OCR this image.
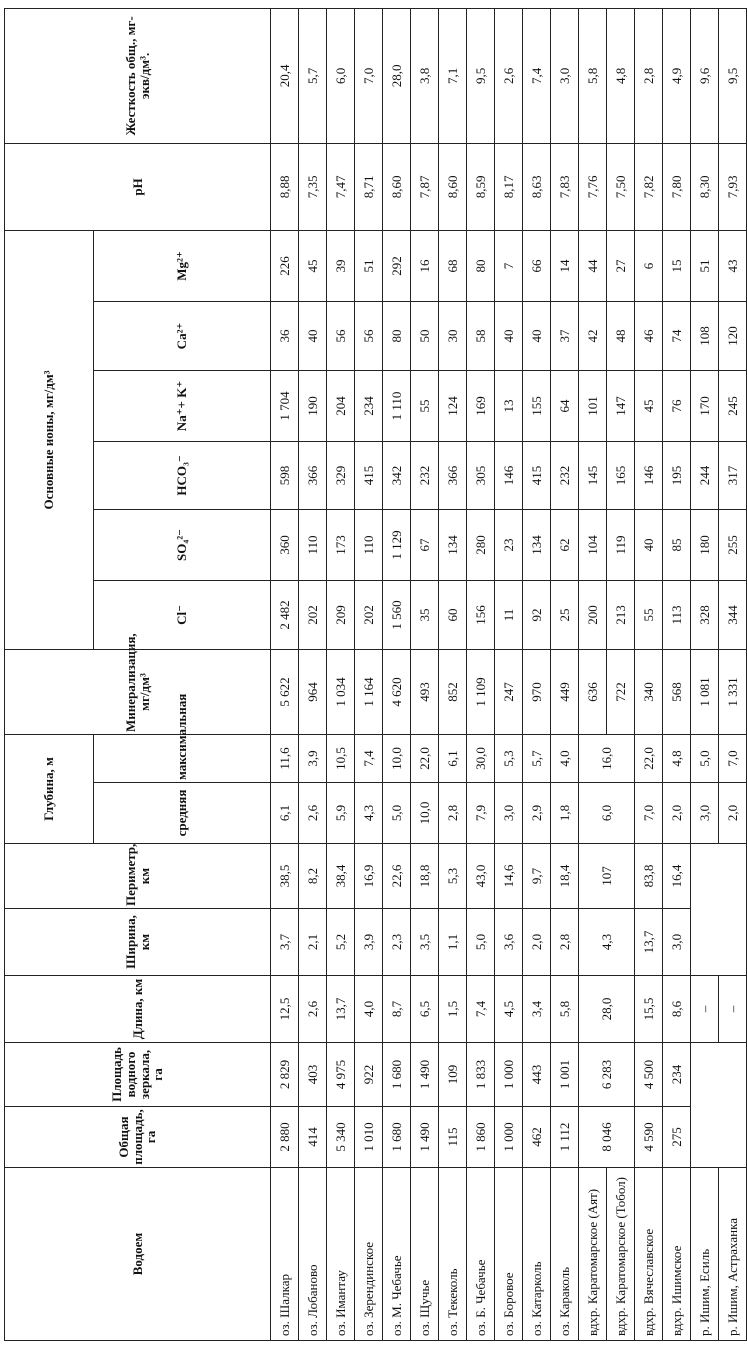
Водоем	Общая площадь, га	Площадь водного зеркала, га	Длина, км	Ширина, км	Периметр, км	Глубина, м		Минерализация, мг/дм³	Основные ионы, мг/дм³						pH	Жесткость общ., мг-экв/дм³.
						средняя	максимальная		Cl⁻	SO₄²⁻	HCO₃⁻	Na⁺+ K⁺	Ca²⁺	Mg²⁺		
оз. Шалкар	2 880	2 829	12,5	3,7	38,5	6,1	11,6	5 622	2 482	360	598	1 704	36	226	8,88	20,4
оз. Лобаново	414	403	2,6	2,1	8,2	2,6	3,9	964	202	110	366	190	40	45	7,35	5,7
оз. Имантау	5 340	4 975	13,7	5,2	38,4	5,9	10,5	1 034	209	173	329	204	56	39	7,47	6,0
оз. Зерендинское	1 010	922	4,0	3,9	16,9	4,3	7,4	1 164	202	110	415	234	56	51	8,71	7,0
оз. М. Чебачье	1 680	1 680	8,7	2,3	22,6	5,0	10,0	4 620	1 560	1 129	342	1 110	80	292	8,60	28,0
оз. Щучье	1 490	1 490	6,5	3,5	18,8	10,0	22,0	493	35	67	232	55	50	16	7,87	3,8
оз. Текеколь	115	109	1,5	1,1	5,3	2,8	6,1	852	60	134	366	124	30	68	8,60	7,1
оз. Б. Чебачье	1 860	1 833	7,4	5,0	43,0	7,9	30,0	1 109	156	280	305	169	58	80	8,59	9,5
оз. Боровое	1 000	1 000	4,5	3,6	14,6	3,0	5,3	247	11	23	146	13	40	7	8,17	2,6
оз. Катарколь	462	443	3,4	2,0	9,7	2,9	5,7	970	92	134	415	155	40	66	8,63	7,4
оз. Караколь	1 112	1 001	5,8	2,8	18,4	1,8	4,0	449	25	62	232	64	37	14	7,83	3,0
вдхр. Каратомарское (Аят)	8 046	6 283	28,0	4,3	107	6,0	16,0	636	200	104	145	101	42	44	7,76	5,8
вдхр. Каратомарское (Тобол)								722	213	119	165	147	48	27	7,50	4,8
вдхр. Вячеславское	4 590	4 500	15,5	13,7	83,8	7,0	22,0	340	55	40	146	45	46	6	7,82	2,8
вдхр. Ишимское	275	234	8,6	3,0	16,4	2,0	4,8	568	113	85	195	76	74	15	7,80	4,9
р. Ишим, Есиль			–			3,0	5,0	1 081	328	180	244	170	108	51	8,30	9,6
р. Ишим, Астраханка			–			2,0	7,0	1 331	344	255	317	245	120	43	7,93	9,5
